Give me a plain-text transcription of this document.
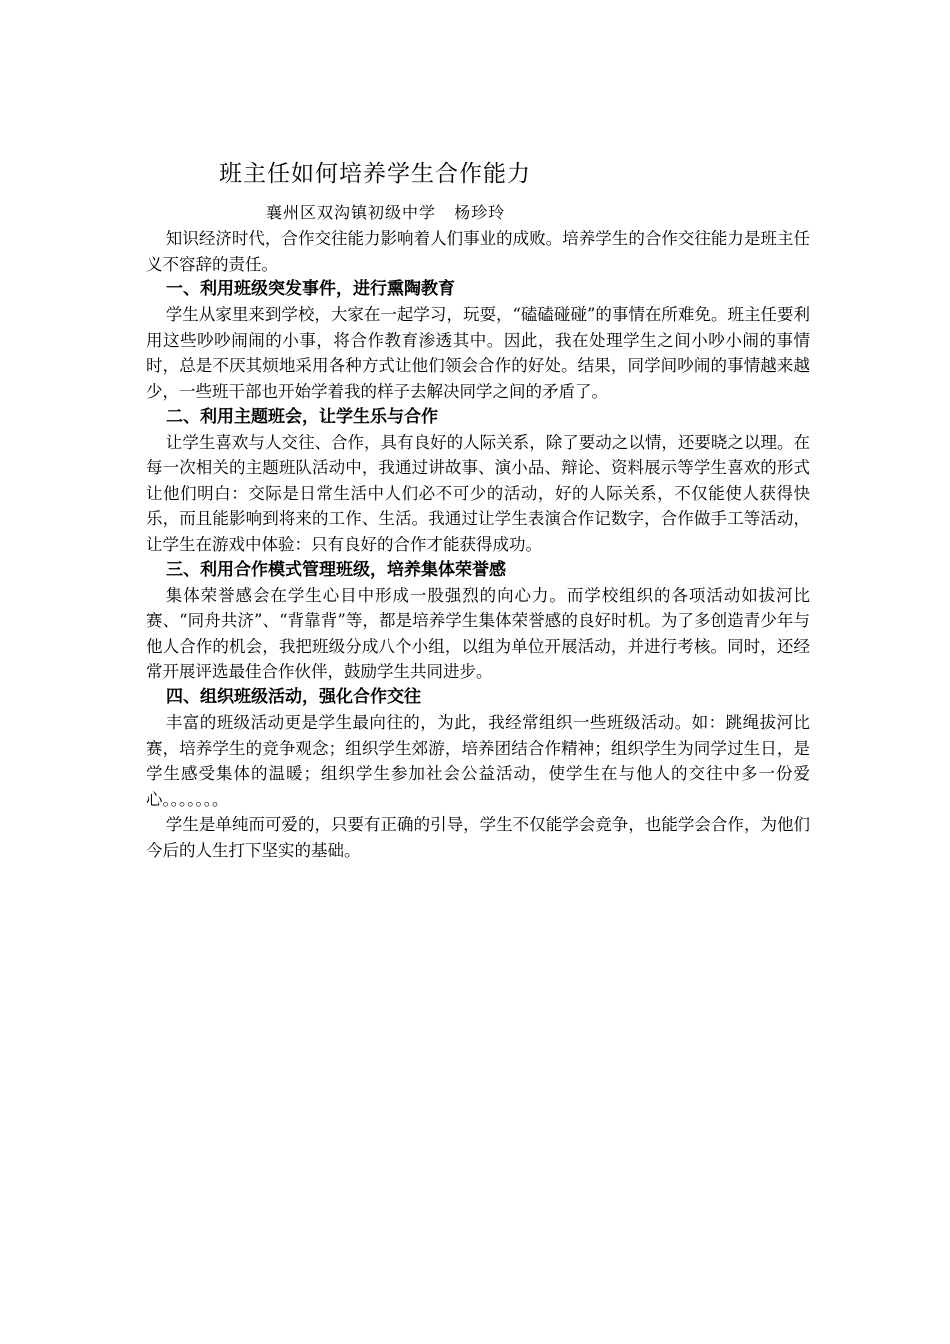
班主任如何培养学生合作能力
襄州区双沟镇初级中学   杨珍玲

知识经济时代，合作交往能力影响着人们事业的成败。培养学生的合作交往能力是班主任义不容辞的责任。

一、利用班级突发事件，进行熏陶教育

学生从家里来到学校，大家在一起学习，玩耍，“磕磕碰碰”的事情在所难免。班主任要利用这些吵吵闹闹的小事，将合作教育渗透其中。因此，我在处理学生之间小吵小闹的事情时，总是不厌其烦地采用各种方式让他们领会合作的好处。结果，同学间吵闹的事情越来越少，一些班干部也开始学着我的样子去解决同学之间的矛盾了。

二、利用主题班会，让学生乐与合作

让学生喜欢与人交往、合作，具有良好的人际关系，除了要动之以情，还要晓之以理。在每一次相关的主题班队活动中，我通过讲故事、演小品、辩论、资料展示等学生喜欢的形式让他们明白：交际是日常生活中人们必不可少的活动，好的人际关系，不仅能使人获得快乐，而且能影响到将来的工作、生活。我通过让学生表演合作记数字，合作做手工等活动，让学生在游戏中体验：只有良好的合作才能获得成功。

三、利用合作模式管理班级，培养集体荣誉感

集体荣誉感会在学生心目中形成一股强烈的向心力。而学校组织的各项活动如拔河比赛、“同舟共济”、“背靠背”等，都是培养学生集体荣誉感的良好时机。为了多创造青少年与他人合作的机会，我把班级分成八个小组，以组为单位开展活动，并进行考核。同时，还经常开展评选最佳合作伙伴，鼓励学生共同进步。

四、组织班级活动，强化合作交往

丰富的班级活动更是学生最向往的，为此，我经常组织一些班级活动。如：跳绳拔河比赛，培养学生的竞争观念；组织学生郊游，培养团结合作精神；组织学生为同学过生日，是学生感受集体的温暖；组织学生参加社会公益活动，使学生在与他人的交往中多一份爱心。。。。。。。

学生是单纯而可爱的，只要有正确的引导，学生不仅能学会竞争，也能学会合作，为他们今后的人生打下坚实的基础。
